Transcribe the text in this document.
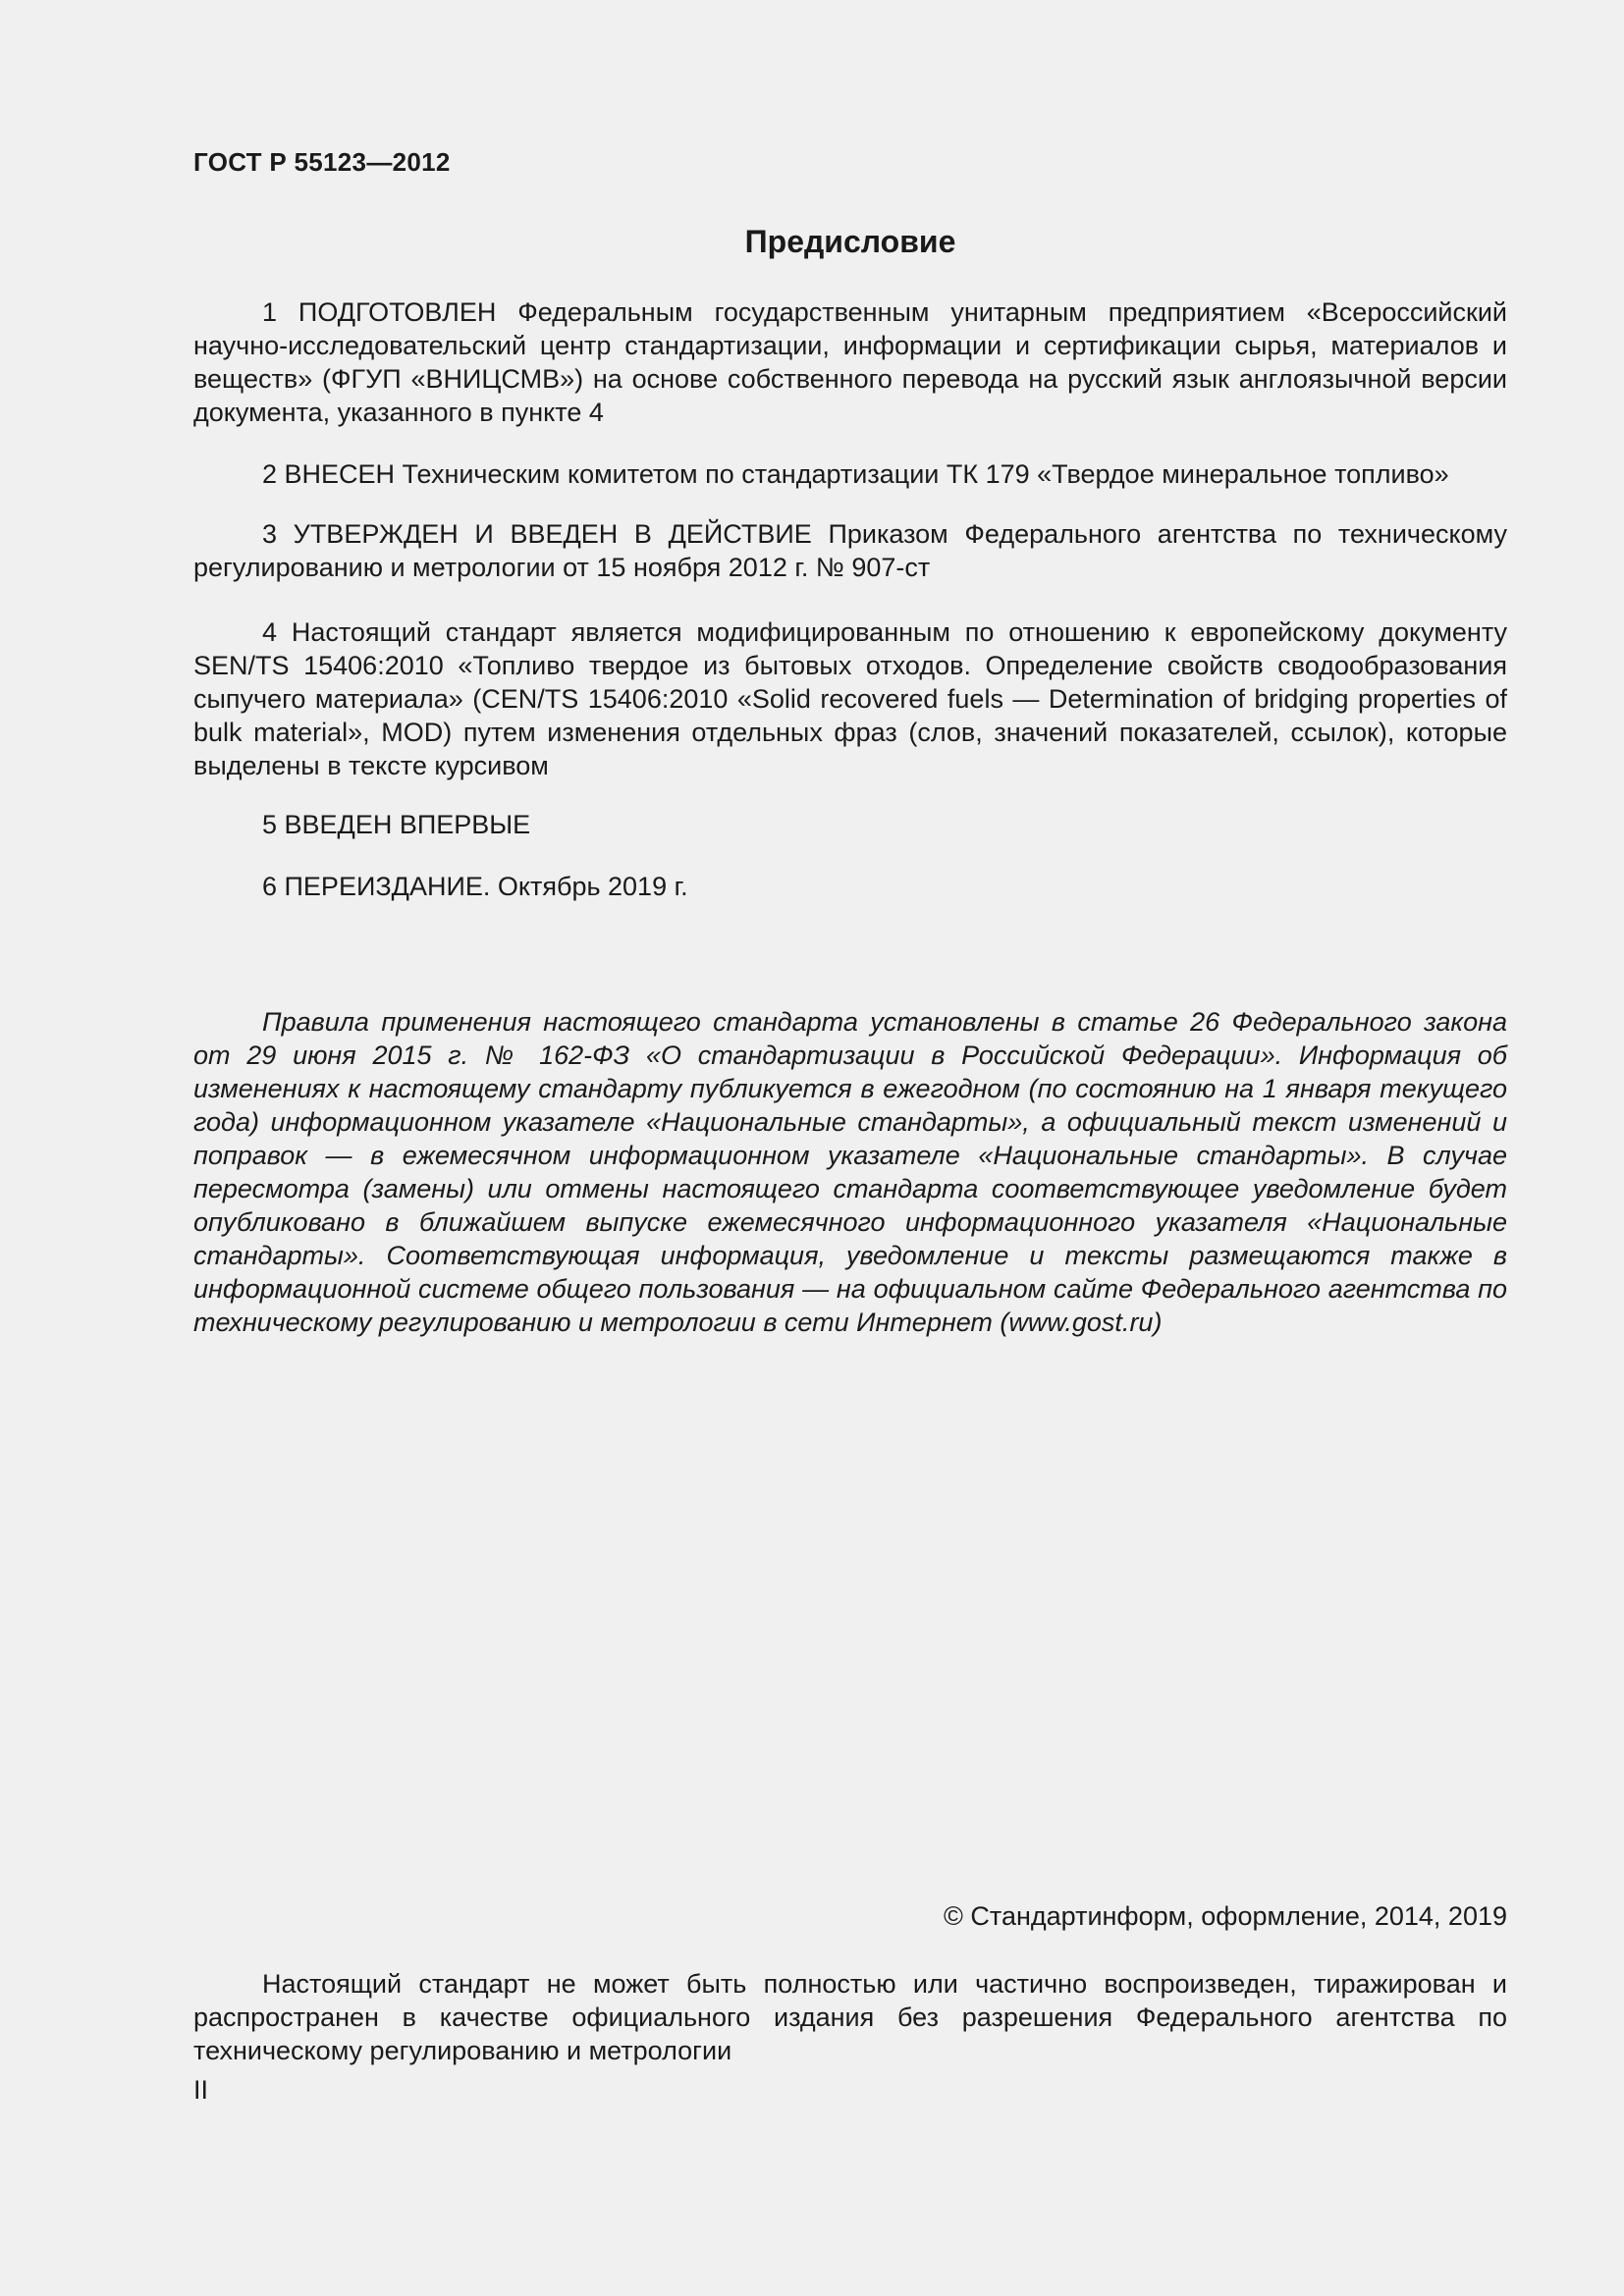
ГОСТ Р 55123—2012
Предисловие

1 ПОДГОТОВЛЕН Федеральным государственным унитарным предприятием «Всероссийский научно-исследовательский центр стандартизации, информации и сертификации сырья, материалов и веществ» (ФГУП «ВНИЦСМВ») на основе собственного перевода на русский язык англоязычной версии документа, указанного в пункте 4

2 ВНЕСЕН Техническим комитетом по стандартизации ТК 179 «Твердое минеральное топливо»

3 УТВЕРЖДЕН И ВВЕДЕН В ДЕЙСТВИЕ Приказом Федерального агентства по техническому регулированию и метрологии от 15 ноября 2012 г. № 907-ст

4 Настоящий стандарт является модифицированным по отношению к европейскому документу SEN/TS 15406:2010 «Топливо твердое из бытовых отходов. Определение свойств сводообразования сыпучего материала» (CEN/TS 15406:2010 «Solid recovered fuels — Determination of bridging properties of bulk material», MOD) путем изменения отдельных фраз (слов, значений показателей, ссылок), которые выделены в тексте курсивом

5 ВВЕДЕН ВПЕРВЫЕ

6 ПЕРЕИЗДАНИЕ. Октябрь 2019 г.

Правила применения настоящего стандарта установлены в статье 26 Федерального закона от 29 июня 2015 г. № 162-ФЗ «О стандартизации в Российской Федерации». Информация об изменениях к настоящему стандарту публикуется в ежегодном (по состоянию на 1 января текущего года) информационном указателе «Национальные стандарты», а официальный текст изменений и поправок — в ежемесячном информационном указателе «Национальные стандарты». В случае пересмотра (замены) или отмены настоящего стандарта соответствующее уведомление будет опубликовано в ближайшем выпуске ежемесячного информационного указателя «Национальные стандарты». Соответствующая информация, уведомление и тексты размещаются также в информационной системе общего пользования — на официальном сайте Федерального агентства по техническому регулированию и метрологии в сети Интернет (www.gost.ru)

© Стандартинформ, оформление, 2014, 2019

Настоящий стандарт не может быть полностью или частично воспроизведен, тиражирован и распространен в качестве официального издания без разрешения Федерального агентства по техническому регулированию и метрологии

II
